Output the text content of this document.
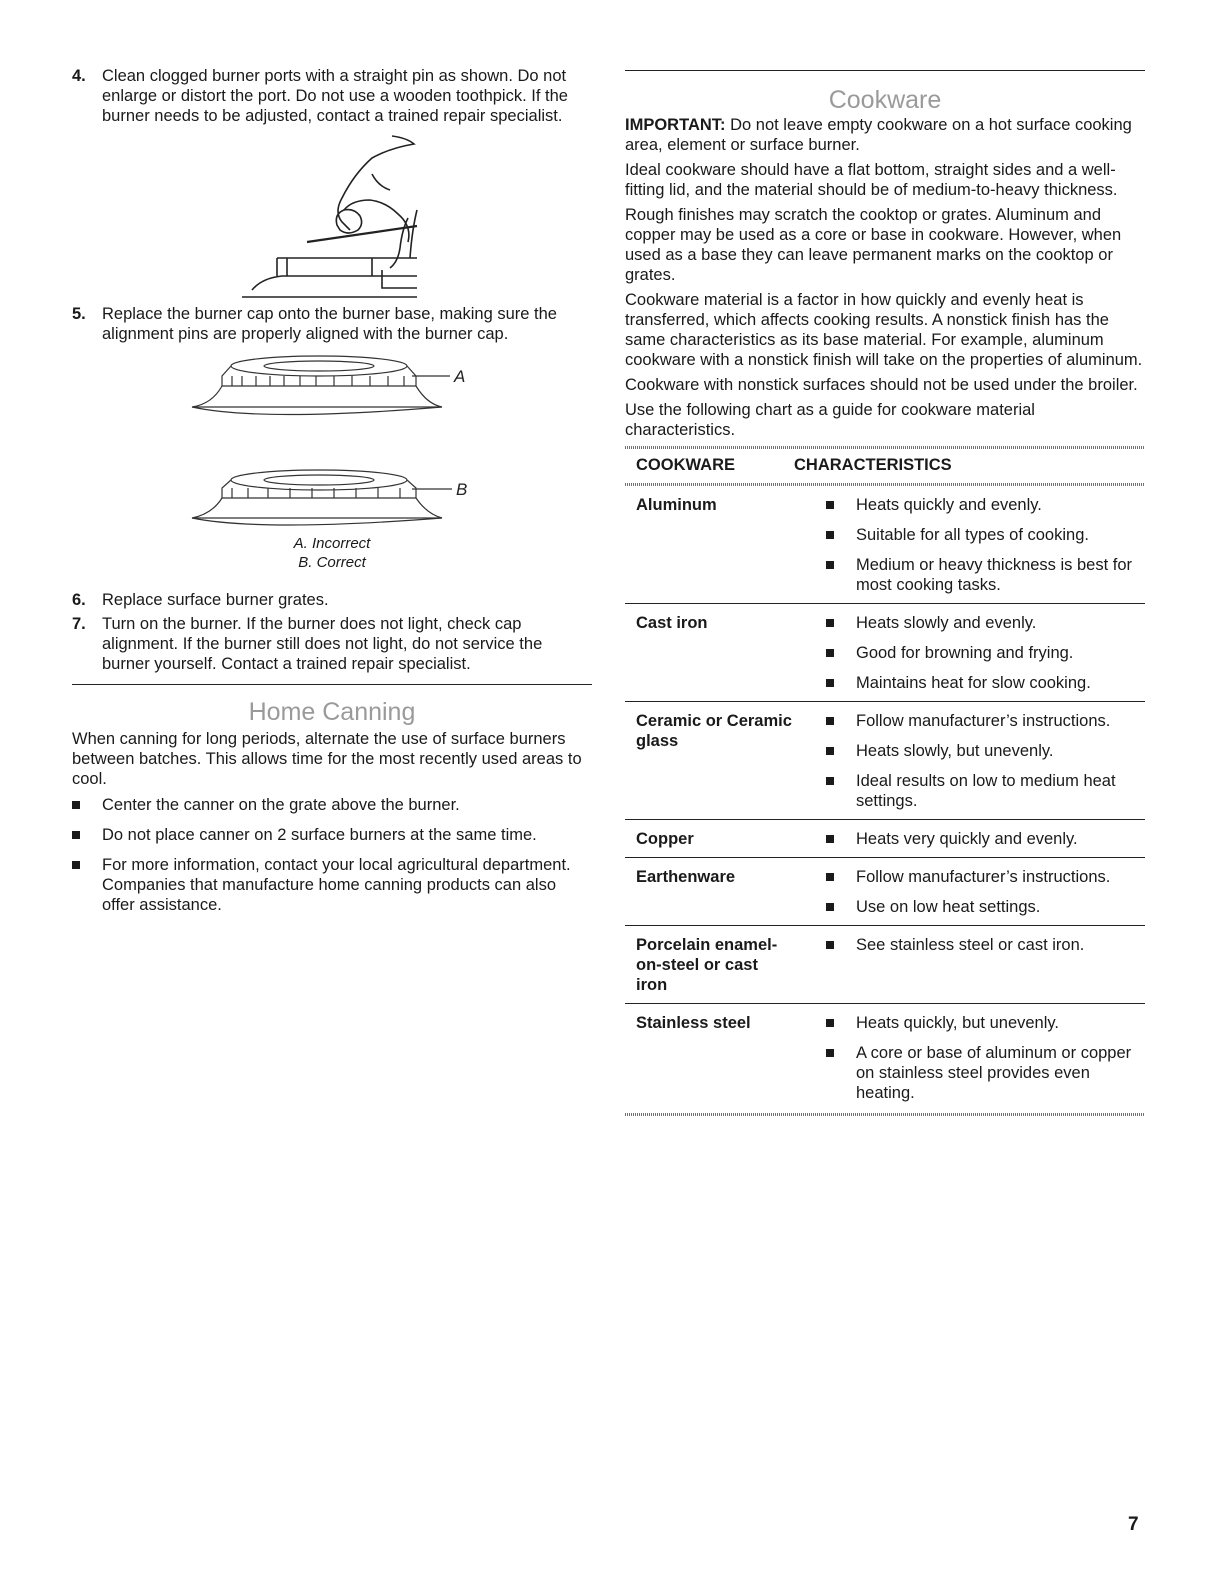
4. Clean clogged burner ports with a straight pin as shown. Do not enlarge or distort the port. Do not use a wooden toothpick. If the burner needs to be adjusted, contact a trained repair specialist.
5. Replace the burner cap onto the burner base, making sure the alignment pins are properly aligned with the burner cap.
A
B
A. Incorrect
B. Correct
6. Replace surface burner grates.
7. Turn on the burner. If the burner does not light, check cap alignment. If the burner still does not light, do not service the burner yourself. Contact a trained repair specialist.
Home Canning

When canning for long periods, alternate the use of surface burners between batches. This allows time for the most recently used areas to cool.

Center the canner on the grate above the burner.
Do not place canner on 2 surface burners at the same time.
For more information, contact your local agricultural department. Companies that manufacture home canning products can also offer assistance.
Cookware

IMPORTANT: Do not leave empty cookware on a hot surface cooking area, element or surface burner.

Ideal cookware should have a flat bottom, straight sides and a well-fitting lid, and the material should be of medium-to-heavy thickness.

Rough finishes may scratch the cooktop or grates. Aluminum and copper may be used as a core or base in cookware. However, when used as a base they can leave permanent marks on the cooktop or grates.

Cookware material is a factor in how quickly and evenly heat is transferred, which affects cooking results. A nonstick finish has the same characteristics as its base material. For example, aluminum cookware with a nonstick finish will take on the properties of aluminum.

Cookware with nonstick surfaces should not be used under the broiler.

Use the following chart as a guide for cookware material characteristics.

COOKWARE	CHARACTERISTICS
Aluminum	Heats quickly and evenly.
Suitable for all types of cooking.
Medium or heavy thickness is best for most cooking tasks.

Cast iron	Heats slowly and evenly.
Good for browning and frying.
Maintains heat for slow cooking.

Ceramic or Ceramic glass	Follow manufacturer’s instructions.
Heats slowly, but unevenly.
Ideal results on low to medium heat settings.

Copper	Heats very quickly and evenly.

Earthenware	Follow manufacturer’s instructions.
Use on low heat settings.

Porcelain enamel-on-steel or cast iron	See stainless steel or cast iron.

Stainless steel	Heats quickly, but unevenly.
A core or base of aluminum or copper on stainless steel provides even heating.
7
